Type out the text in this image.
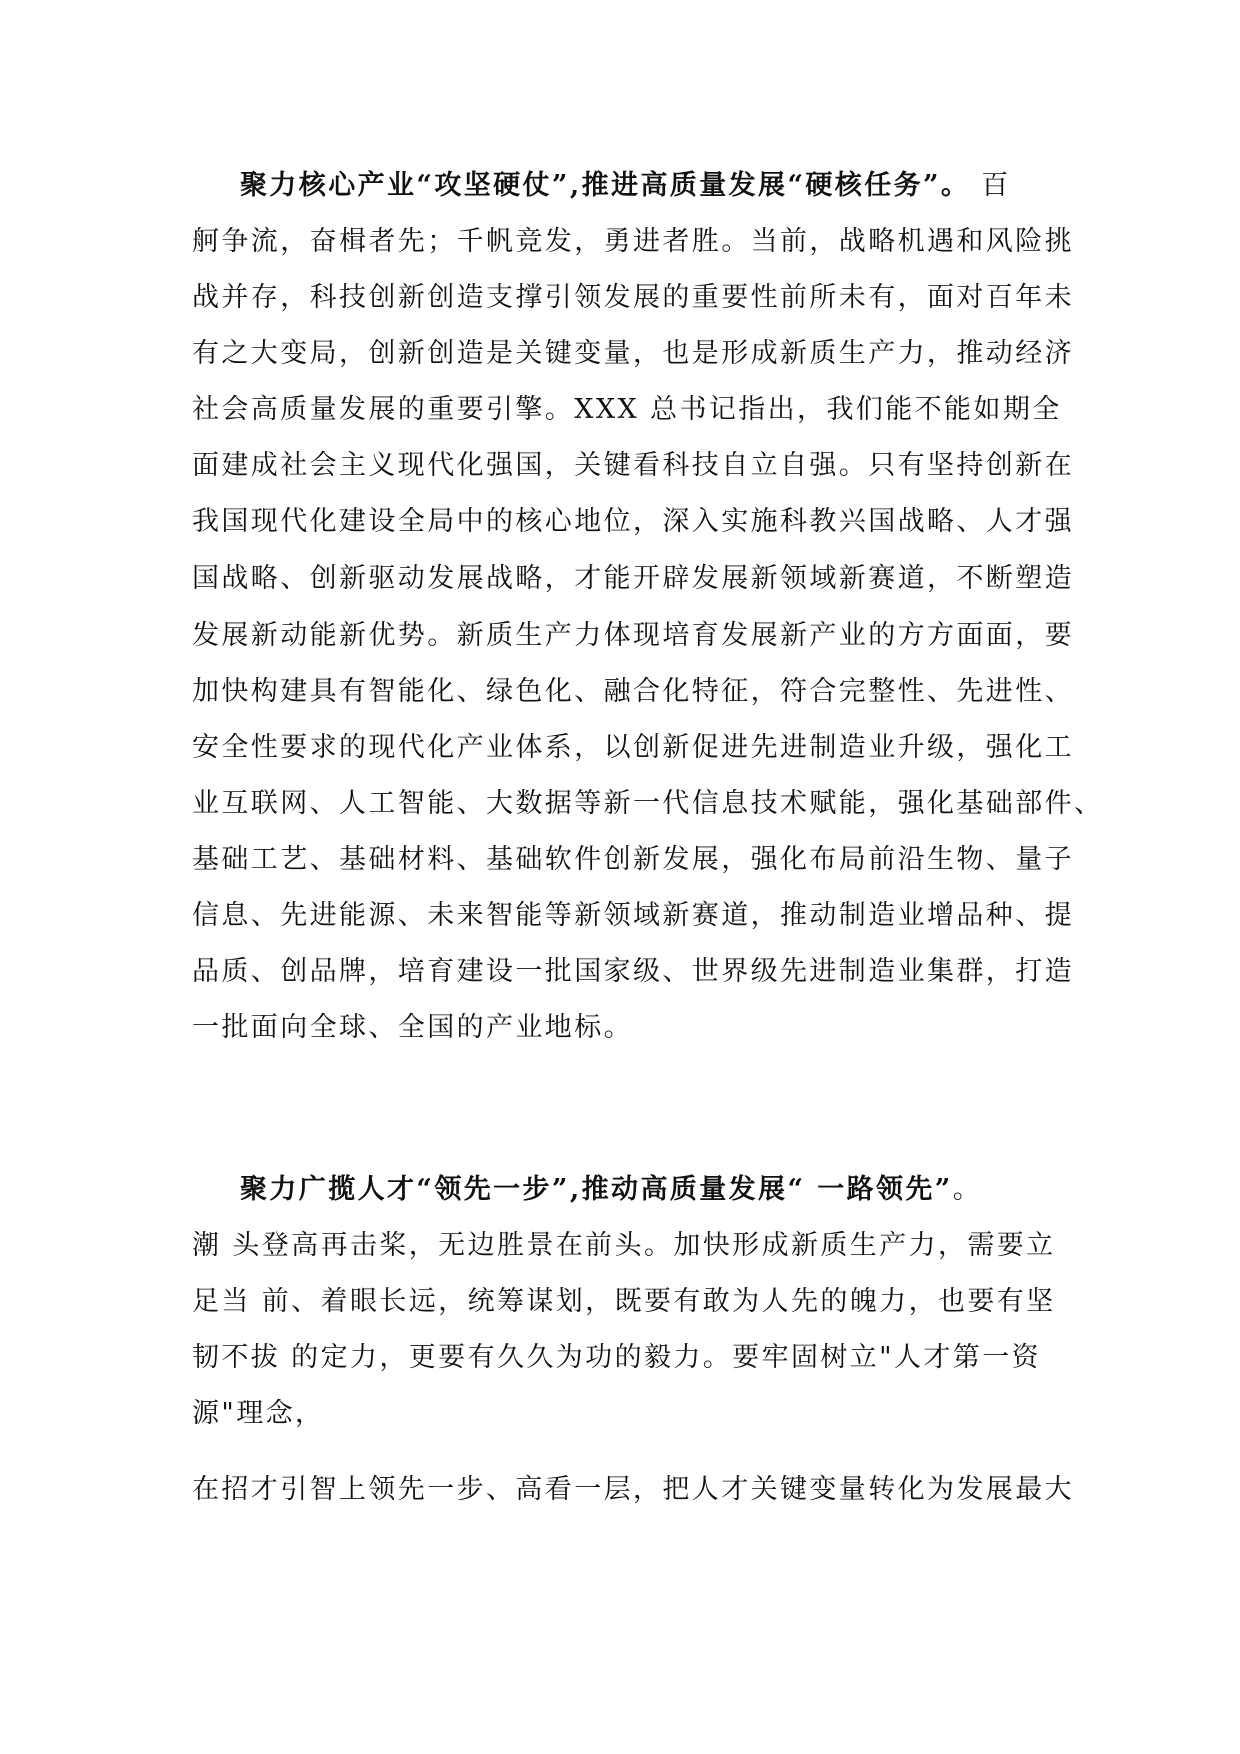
聚力核心产业“攻坚硬仗”,推进高质量发展“硬核任务”。 百
舸争流，奋楫者先；千帆竞发，勇进者胜。当前，战略机遇和风险挑
战并存，科技创新创造支撑引领发展的重要性前所未有，面对百年未
有之大变局，创新创造是关键变量，也是形成新质生产力，推动经济
社会高质量发展的重要引擎。XXX 总书记指出，我们能不能如期全
面建成社会主义现代化强国，关键看科技自立自强。只有坚持创新在
我国现代化建设全局中的核心地位，深入实施科教兴国战略、人才强
国战略、创新驱动发展战略，才能开辟发展新领域新赛道，不断塑造
发展新动能新优势。新质生产力体现培育发展新产业的方方面面，要
加快构建具有智能化、绿色化、融合化特征，符合完整性、先进性、
安全性要求的现代化产业体系，以创新促进先进制造业升级，强化工
业互联网、人工智能、大数据等新一代信息技术赋能，强化基础部件、
基础工艺、基础材料、基础软件创新发展，强化布局前沿生物、量子
信息、先进能源、未来智能等新领域新赛道，推动制造业增品种、提
品质、创品牌，培育建设一批国家级、世界级先进制造业集群，打造
一批面向全球、全国的产业地标。
聚力广揽人才“领先一步”,推动高质量发展“ 一路领先”。
潮 头登高再击桨，无边胜景在前头。加快形成新质生产力，需要立
足当 前、着眼长远，统筹谋划，既要有敢为人先的魄力，也要有坚
韧不拔 的定力，更要有久久为功的毅力。要牢固树立"人才第一资
源"理念，
在招才引智上领先一步、高看一层，把人才关键变量转化为发展最大
